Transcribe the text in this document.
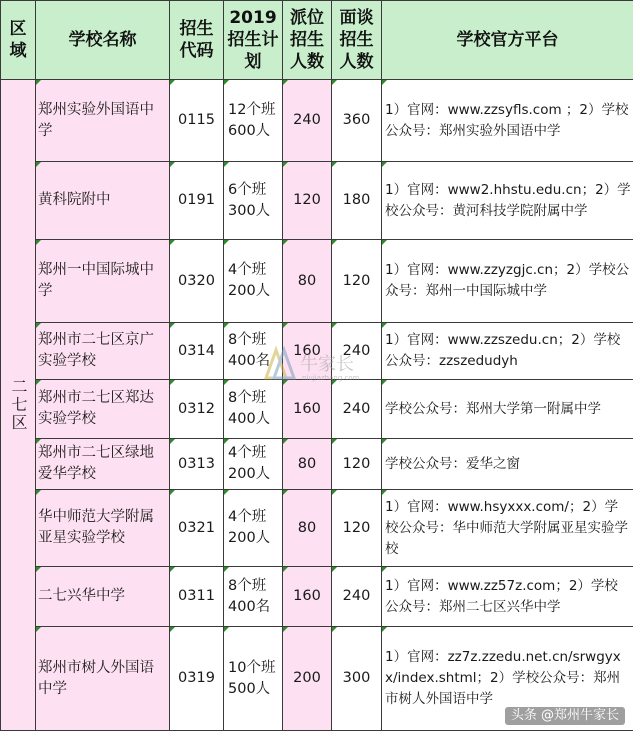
区域	学校名称	招生代码	2019招生计划	派位招生人数	面谈招生人数	学校官方平台
二七区	郑州实验外国语中学	0115	12个班600人	240	360	1）官网：www.zzsyfls.com ；2）学校公众号：郑州实验外国语中学
	黄科院附中	0191	6个班300人	120	180	1）官网：www2.hhstu.edu.cn；2）学校公众号：黄河科技学院附属中学
	郑州一中国际城中学	0320	4个班200人	80	120	1）官网：www.zzyzgjc.cn；2）学校公众号：郑州一中国际城中学
	郑州市二七区京广实验学校	0314	8个班400名	160	240	1）官网：www.zzszedu.cn；2）学校公众号：zzszedudyh
	郑州市二七区郑达实验学校	0312	8个班400人	160	240	学校公众号：郑州大学第一附属中学
	郑州市二七区绿地爱华学校	0313	4个班200人	80	120	学校公众号：爱华之窗
	华中师范大学附属亚星实验学校	0321	4个班200人	80	120	1）官网：www.hsyxxx.com/；2）学校公众号：华中师范大学附属亚星实验学校
	二七兴华中学	0311	8个班400名	160	240	1）官网：www.zz57z.com；2）学校公众号：郑州二七区兴华中学
	郑州市树人外国语中学	0319	10个班500人	200	300	1）官网：zz7z.zzedu.net.cn/srwgyxx/index.shtml；2）学校公众号：郑州市树人外国语中学
牛家长
niujiazhang.com
头条 @郑州牛家长
